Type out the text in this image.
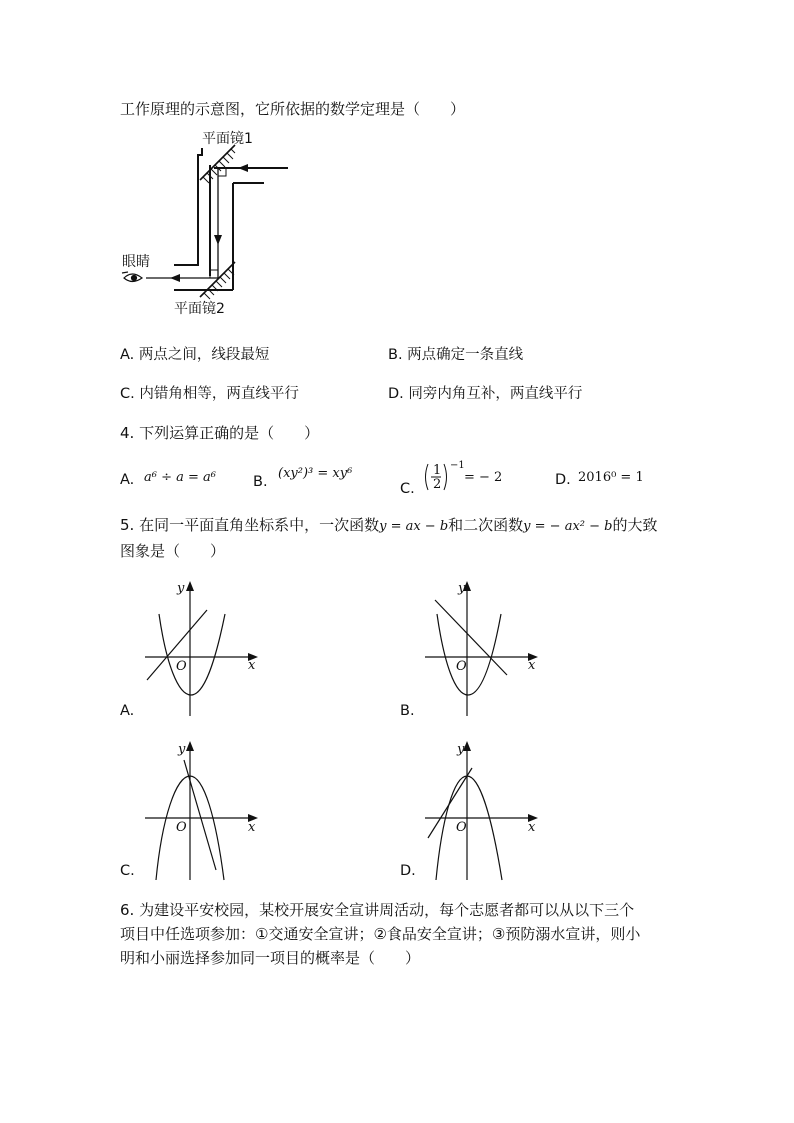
工作原理的示意图，它所依据的数学定理是（　　）
平面镜1
眼睛
平面镜2
A. 两点之间，线段最短	B. 两点确定一条直线
C. 内错角相等，两直线平行	D. 同旁内角互补，两直线平行
4. 下列运算正确的是（　　）
A. a⁶ ÷ a = a⁶	B.
(xy²)³ = xy⁶
C.
1
2
−1
= − 2	D. 2016⁰ = 1
5. 在同一平面直角坐标系中，一次函数y = ax − b和二次函数y = − ax² − b的大致
图象是（　　）
y
x
O
A.
y
x
O
B.
y
x
O
C.
y
x
O
D.
6. 为建设平安校园，某校开展安全宣讲周活动，每个志愿者都可以从以下三个
项目中任选项参加：①交通安全宣讲；②食品安全宣讲；③预防溺水宣讲，则小
明和小丽选择参加同一项目的概率是（　　）
